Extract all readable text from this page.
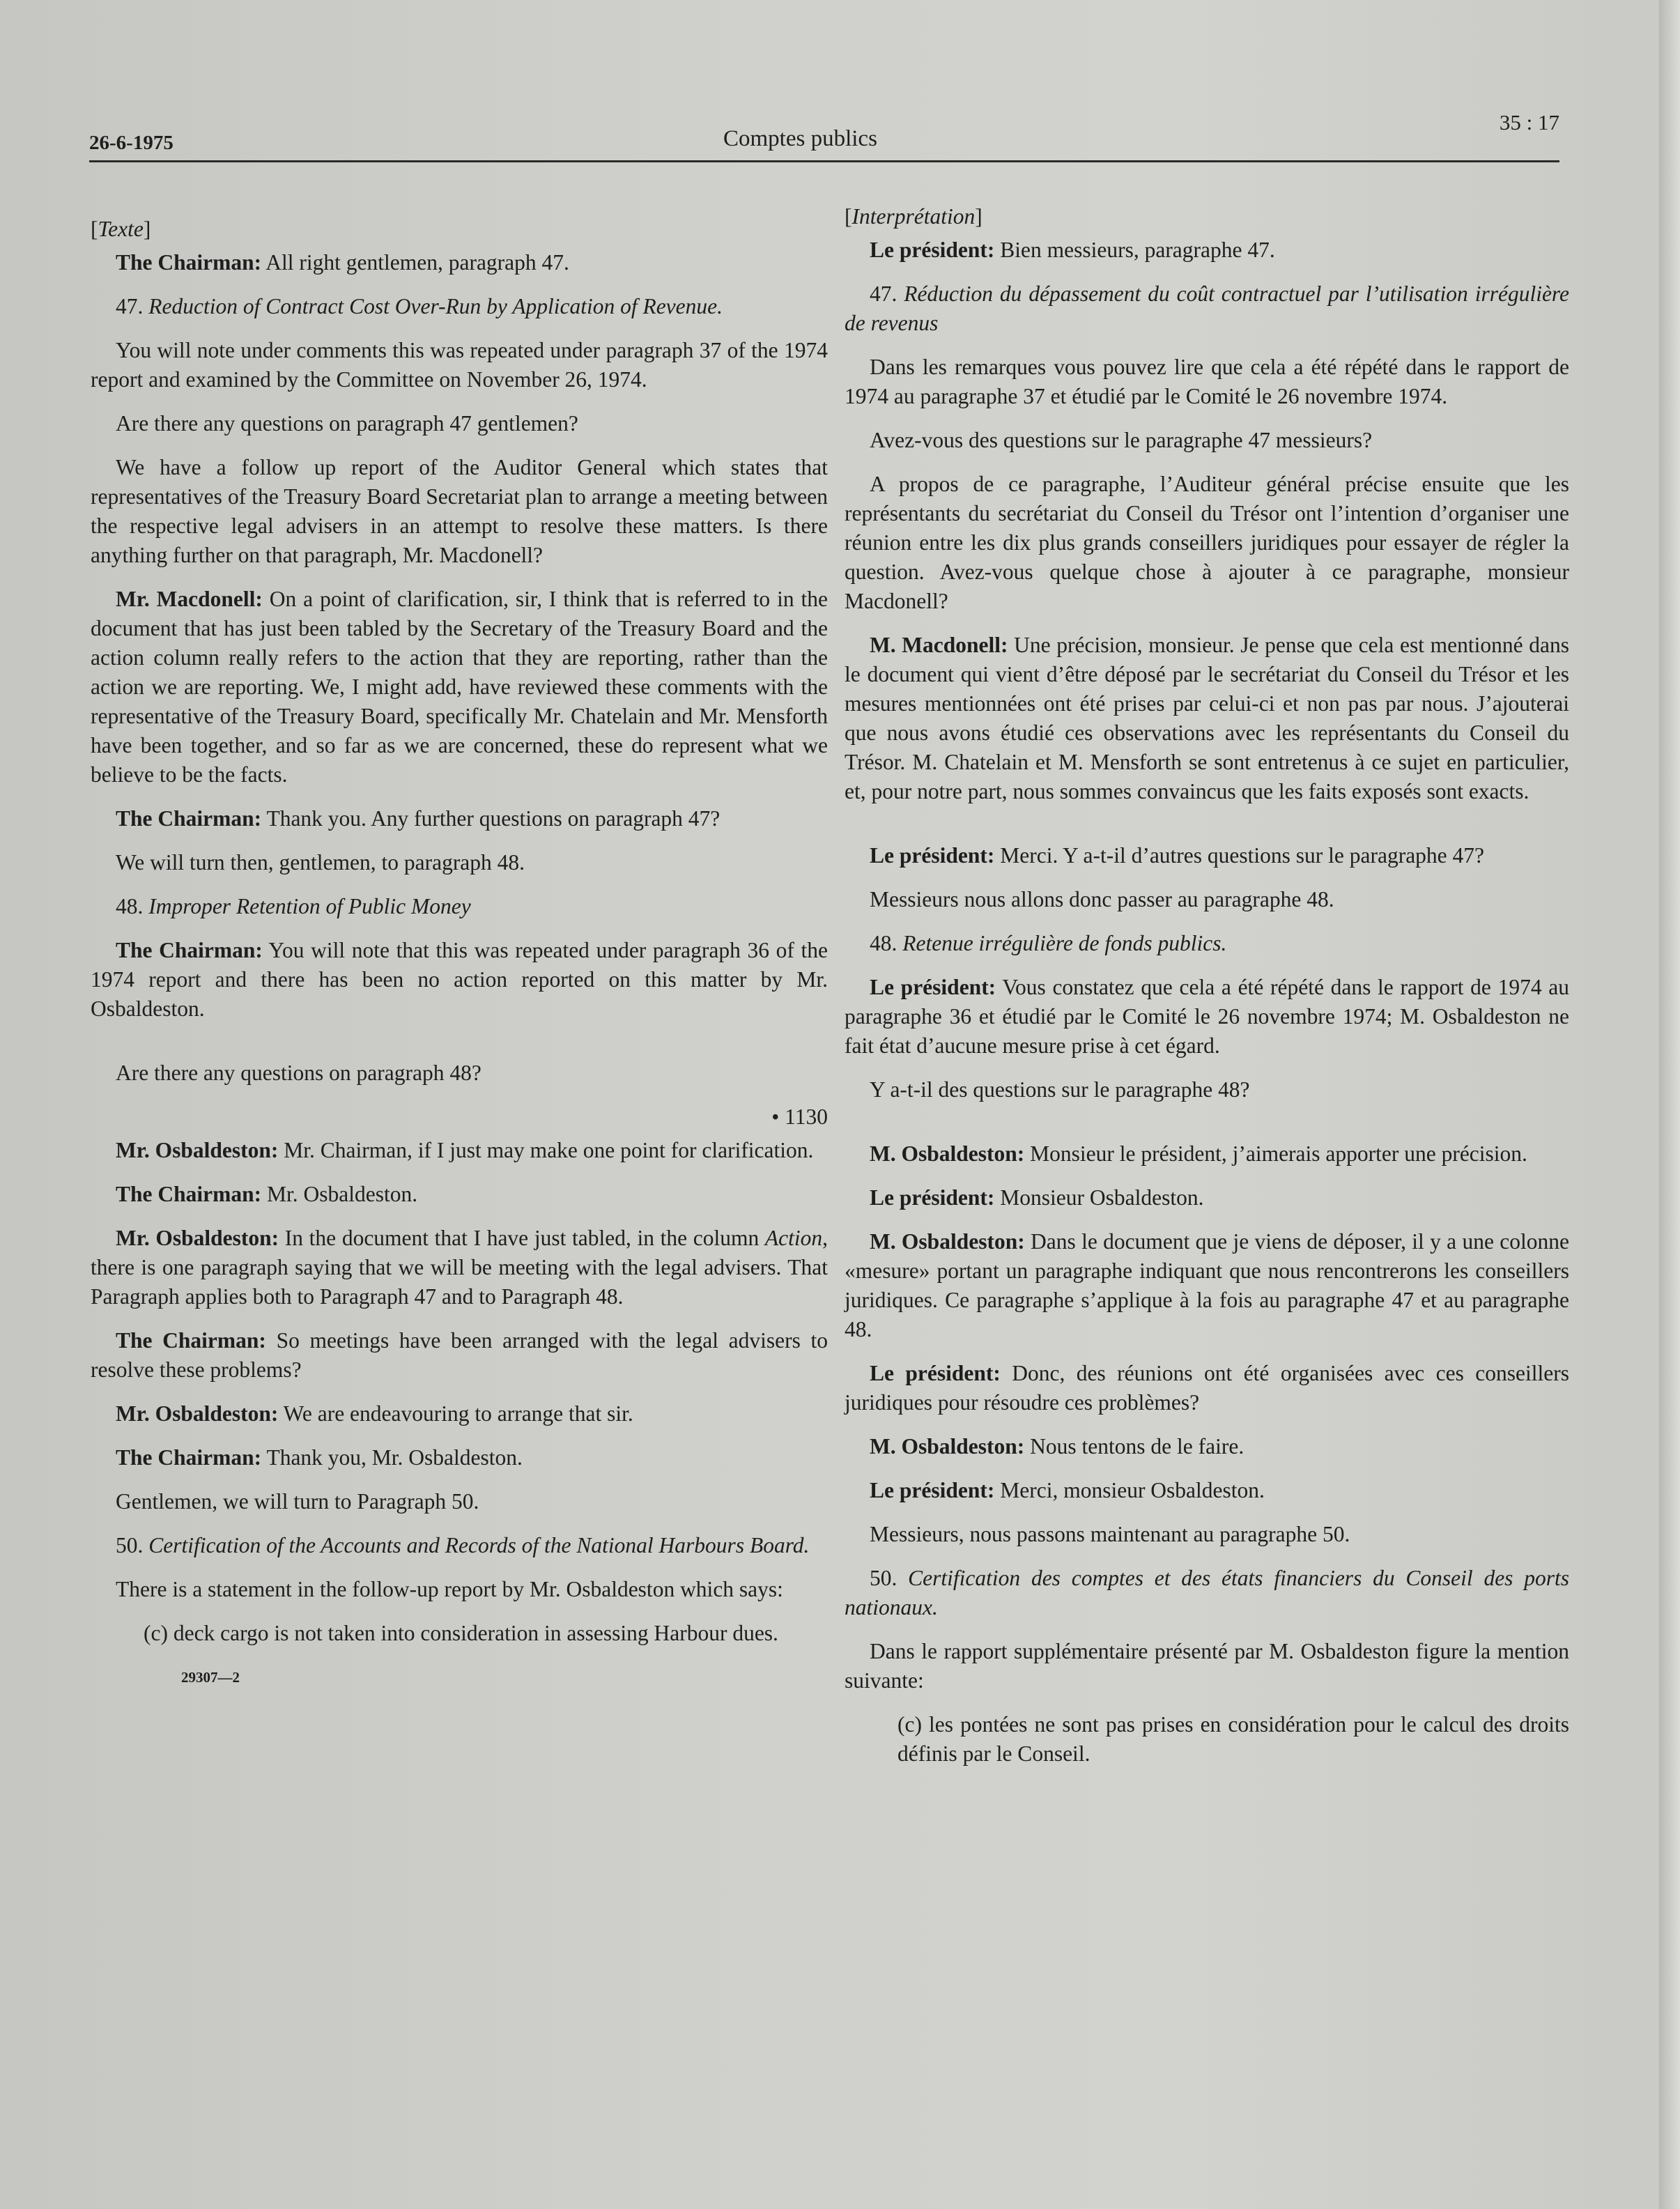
26-6-1975	Comptes publics
35 : 17

[Texte]

The Chairman: All right gentlemen, paragraph 47.

47. Reduction of Contract Cost Over-Run by Application of Revenue.

You will note under comments this was repeated under paragraph 37 of the 1974 report and examined by the Committee on November 26, 1974.

Are there any questions on paragraph 47 gentlemen?

We have a follow up report of the Auditor General which states that representatives of the Treasury Board Secretariat plan to arrange a meeting between the respective legal advisers in an attempt to resolve these matters. Is there anything further on that paragraph, Mr. Macdonell?

Mr. Macdonell: On a point of clarification, sir, I think that is referred to in the document that has just been tabled by the Secretary of the Treasury Board and the action column really refers to the action that they are reporting, rather than the action we are reporting. We, I might add, have reviewed these comments with the representative of the Treasury Board, specifically Mr. Chatelain and Mr. Mensforth have been together, and so far as we are concerned, these do represent what we believe to be the facts.

The Chairman: Thank you. Any further questions on paragraph 47?

We will turn then, gentlemen, to paragraph 48.

48. Improper Retention of Public Money

The Chairman: You will note that this was repeated under paragraph 36 of the 1974 report and there has been no action reported on this matter by Mr. Osbaldeston.

Are there any questions on paragraph 48?

• 1130

Mr. Osbaldeston: Mr. Chairman, if I just may make one point for clarification.

The Chairman: Mr. Osbaldeston.

Mr. Osbaldeston: In the document that I have just tabled, in the column Action, there is one paragraph saying that we will be meeting with the legal advisers. That Paragraph applies both to Paragraph 47 and to Paragraph 48.

The Chairman: So meetings have been arranged with the legal advisers to resolve these problems?

Mr. Osbaldeston: We are endeavouring to arrange that sir.

The Chairman: Thank you, Mr. Osbaldeston.

Gentlemen, we will turn to Paragraph 50.

50. Certification of the Accounts and Records of the National Harbours Board.

There is a statement in the follow-up report by Mr. Osbaldeston which says:

(c) deck cargo is not taken into consideration in assessing Harbour dues.

29307—2

[Interprétation]

Le président: Bien messieurs, paragraphe 47.

47. Réduction du dépassement du coût contractuel par l’utilisation irrégulière de revenus

Dans les remarques vous pouvez lire que cela a été répété dans le rapport de 1974 au paragraphe 37 et étudié par le Comité le 26 novembre 1974.

Avez-vous des questions sur le paragraphe 47 messieurs?

A propos de ce paragraphe, l’Auditeur général précise ensuite que les représentants du secrétariat du Conseil du Trésor ont l’intention d’organiser une réunion entre les dix plus grands conseillers juridiques pour essayer de régler la question. Avez-vous quelque chose à ajouter à ce paragraphe, monsieur Macdonell?

M. Macdonell: Une précision, monsieur. Je pense que cela est mentionné dans le document qui vient d’être déposé par le secrétariat du Conseil du Trésor et les mesures mentionnées ont été prises par celui-ci et non pas par nous. J’ajouterai que nous avons étudié ces observations avec les représentants du Conseil du Trésor. M. Chatelain et M. Mensforth se sont entretenus à ce sujet en particulier, et, pour notre part, nous sommes convaincus que les faits exposés sont exacts.

Le président: Merci. Y a-t-il d’autres questions sur le paragraphe 47?

Messieurs nous allons donc passer au paragraphe 48.

48. Retenue irrégulière de fonds publics.

Le président: Vous constatez que cela a été répété dans le rapport de 1974 au paragraphe 36 et étudié par le Comité le 26 novembre 1974; M. Osbaldeston ne fait état d’aucune mesure prise à cet égard.

Y a-t-il des questions sur le paragraphe 48?

M. Osbaldeston: Monsieur le président, j’aimerais apporter une précision.

Le président: Monsieur Osbaldeston.

M. Osbaldeston: Dans le document que je viens de déposer, il y a une colonne «mesure» portant un paragraphe indiquant que nous rencontrerons les conseillers juridiques. Ce paragraphe s’applique à la fois au paragraphe 47 et au paragraphe 48.

Le président: Donc, des réunions ont été organisées avec ces conseillers juridiques pour résoudre ces problèmes?

M. Osbaldeston: Nous tentons de le faire.

Le président: Merci, monsieur Osbaldeston.

Messieurs, nous passons maintenant au paragraphe 50.

50. Certification des comptes et des états financiers du Conseil des ports nationaux.

Dans le rapport supplémentaire présenté par M. Osbaldeston figure la mention suivante:

(c) les pontées ne sont pas prises en considération pour le calcul des droits définis par le Conseil.
